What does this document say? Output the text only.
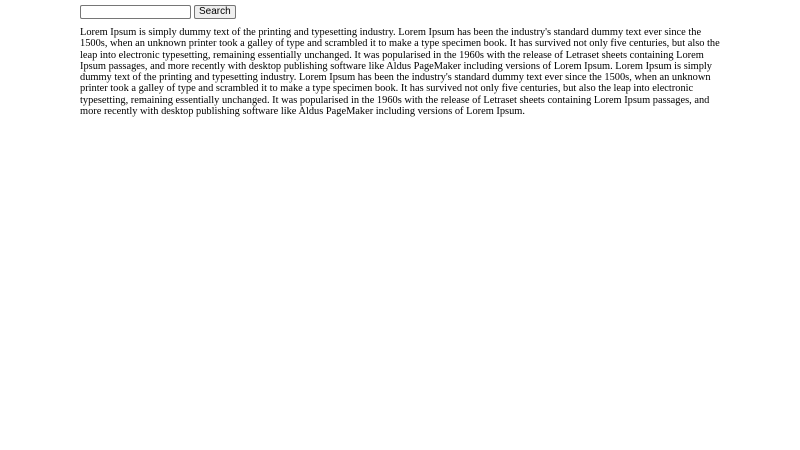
Search

Lorem Ipsum is simply dummy text of the printing and typesetting industry. Lorem Ipsum has been the industry's standard dummy text ever since the 1500s, when an unknown printer took a galley of type and scrambled it to make a type specimen book. It has survived not only five centuries, but also the leap into electronic typesetting, remaining essentially unchanged. It was popularised in the 1960s with the release of Letraset sheets containing Lorem Ipsum passages, and more recently with desktop publishing software like Aldus PageMaker including versions of Lorem Ipsum. Lorem Ipsum is simply dummy text of the printing and typesetting industry. Lorem Ipsum has been the industry's standard dummy text ever since the 1500s, when an unknown printer took a galley of type and scrambled it to make a type specimen book. It has survived not only five centuries, but also the leap into electronic typesetting, remaining essentially unchanged. It was popularised in the 1960s with the release of Letraset sheets containing Lorem Ipsum passages, and more recently with desktop publishing software like Aldus PageMaker including versions of Lorem Ipsum.
